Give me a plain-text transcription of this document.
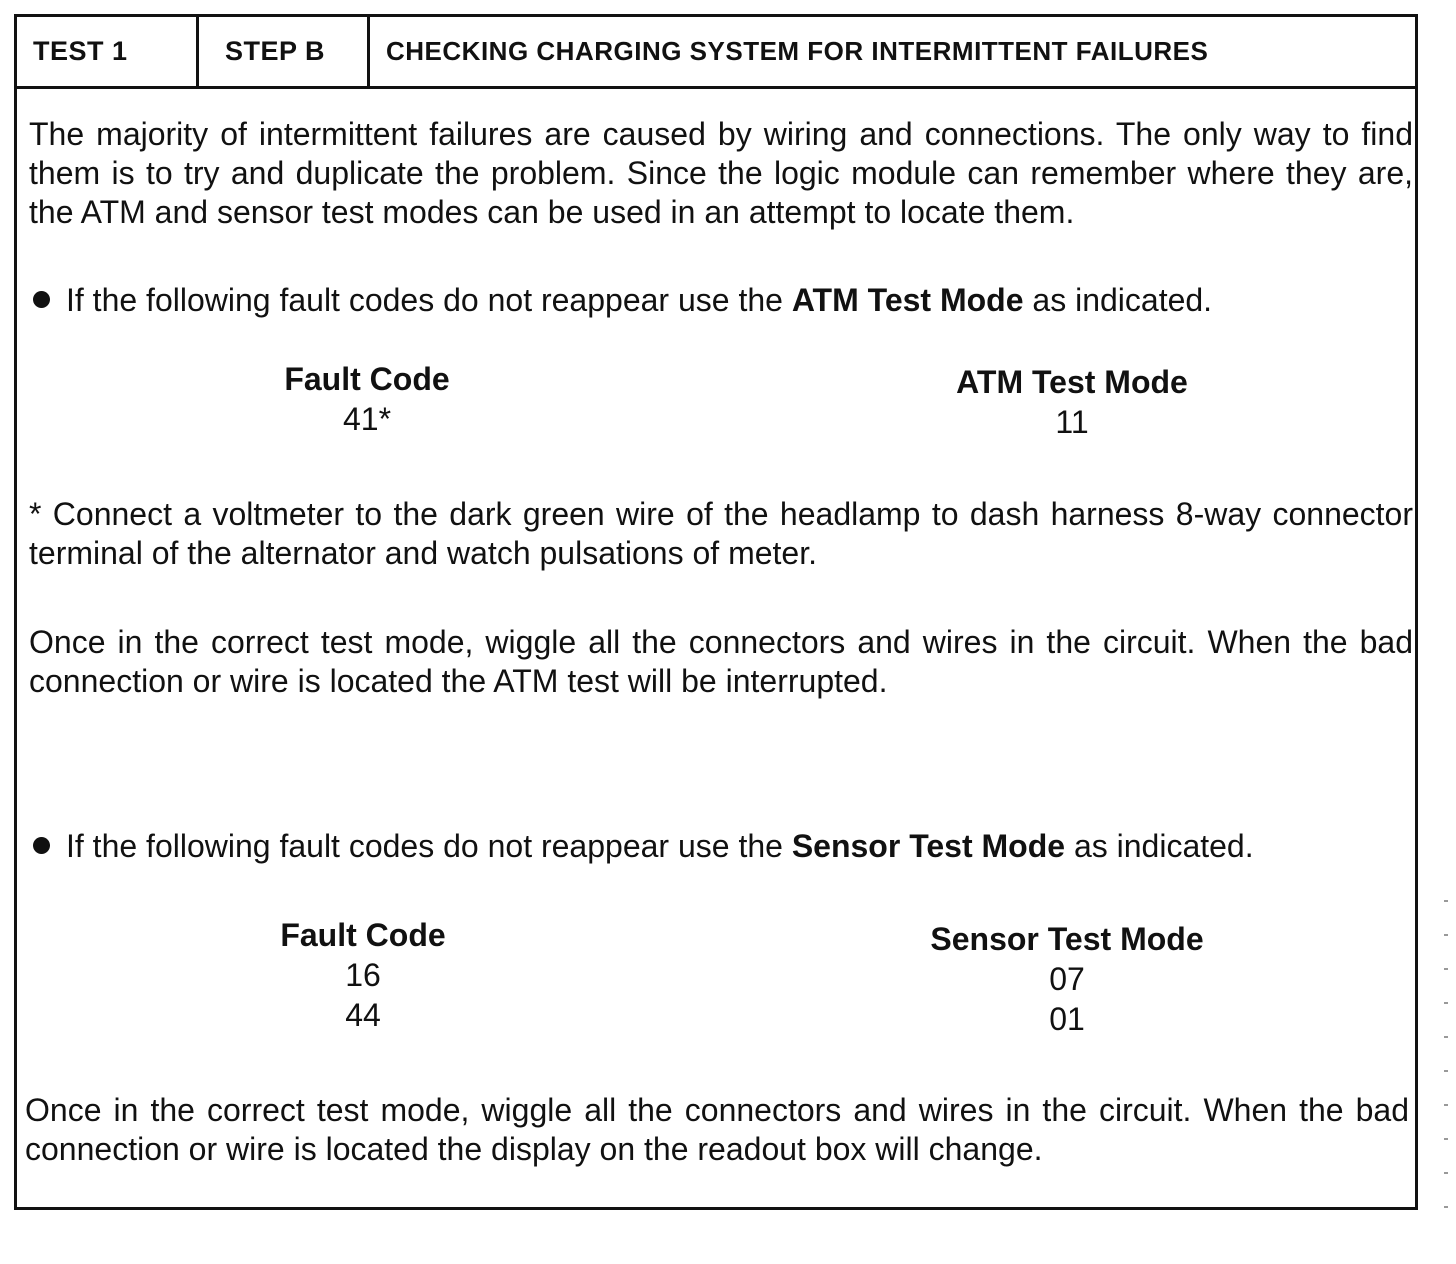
TEST 1	STEP B	CHECKING CHARGING SYSTEM FOR INTERMITTENT FAILURES

The majority of intermittent failures are caused by wiring and connections. The only way to find them is to try and duplicate the problem. Since the logic module can remember where they are, the ATM and sensor test modes can be used in an attempt to locate them.

If the following fault codes do not reappear use the ATM Test Mode as indicated.
Fault Code
41*
ATM Test Mode
11

* Connect a voltmeter to the dark green wire of the headlamp to dash harness 8-way connector terminal of the alternator and watch pulsations of meter.

Once in the correct test mode, wiggle all the connectors and wires in the circuit. When the bad connection or wire is located the ATM test will be interrupted.

If the following fault codes do not reappear use the Sensor Test Mode as indicated.
Fault Code
16
44
Sensor Test Mode
07
01

Once in the correct test mode, wiggle all the connectors and wires in the circuit. When the bad connection or wire is located the display on the readout box will change.
